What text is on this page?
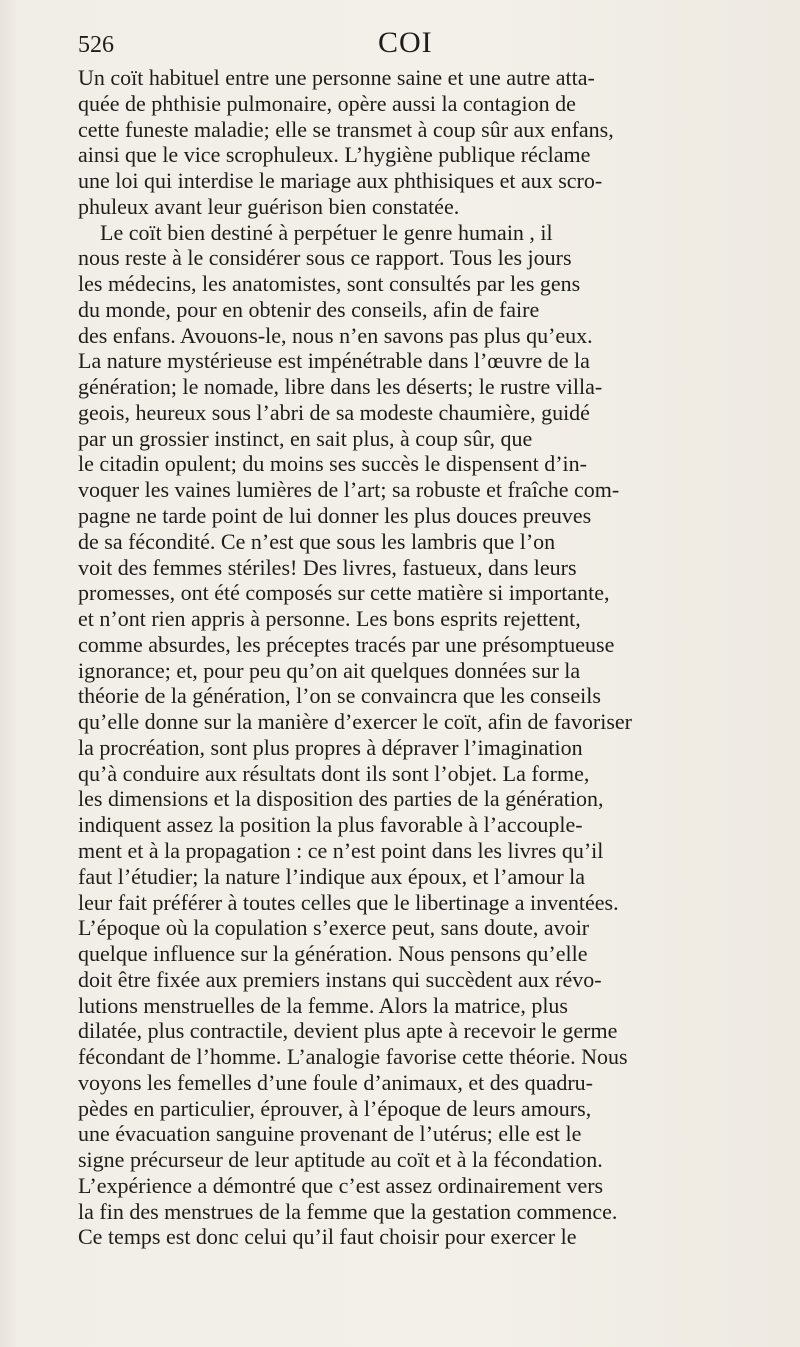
526	COI
Un coït habituel entre une personne saine et une autre atta-
quée de phthisie pulmonaire, opère aussi la contagion de
cette funeste maladie; elle se transmet à coup sûr aux enfans,
ainsi que le vice scrophuleux. L’hygiène publique réclame
une loi qui interdise le mariage aux phthisiques et aux scro-
phuleux avant leur guérison bien constatée.
Le coït bien destiné à perpétuer le genre humain , il
nous reste à le considérer sous ce rapport. Tous les jours
les médecins, les anatomistes, sont consultés par les gens
du monde, pour en obtenir des conseils, afin de faire
des enfans. Avouons-le, nous n’en savons pas plus qu’eux.
La nature mystérieuse est impénétrable dans l’œuvre de la
génération; le nomade, libre dans les déserts; le rustre villa-
geois, heureux sous l’abri de sa modeste chaumière, guidé
par un grossier instinct, en sait plus, à coup sûr, que
le citadin opulent; du moins ses succès le dispensent d’in-
voquer les vaines lumières de l’art; sa robuste et fraîche com-
pagne ne tarde point de lui donner les plus douces preuves
de sa fécondité. Ce n’est que sous les lambris que l’on
voit des femmes stériles! Des livres, fastueux, dans leurs
promesses, ont été composés sur cette matière si importante,
et n’ont rien appris à personne. Les bons esprits rejettent,
comme absurdes, les préceptes tracés par une présomptueuse
ignorance; et, pour peu qu’on ait quelques données sur la
théorie de la génération, l’on se convaincra que les conseils
qu’elle donne sur la manière d’exercer le coït, afin de favoriser
la procréation, sont plus propres à dépraver l’imagination
qu’à conduire aux résultats dont ils sont l’objet. La forme,
les dimensions et la disposition des parties de la génération,
indiquent assez la position la plus favorable à l’accouple-
ment et à la propagation : ce n’est point dans les livres qu’il
faut l’étudier; la nature l’indique aux époux, et l’amour la
leur fait préférer à toutes celles que le libertinage a inventées.
L’époque où la copulation s’exerce peut, sans doute, avoir
quelque influence sur la génération. Nous pensons qu’elle
doit être fixée aux premiers instans qui succèdent aux révo-
lutions menstruelles de la femme. Alors la matrice, plus
dilatée, plus contractile, devient plus apte à recevoir le germe
fécondant de l’homme. L’analogie favorise cette théorie. Nous
voyons les femelles d’une foule d’animaux, et des quadru-
pèdes en particulier, éprouver, à l’époque de leurs amours,
une évacuation sanguine provenant de l’utérus; elle est le
signe précurseur de leur aptitude au coït et à la fécondation.
L’expérience a démontré que c’est assez ordinairement vers
la fin des menstrues de la femme que la gestation commence.
Ce temps est donc celui qu’il faut choisir pour exercer le
